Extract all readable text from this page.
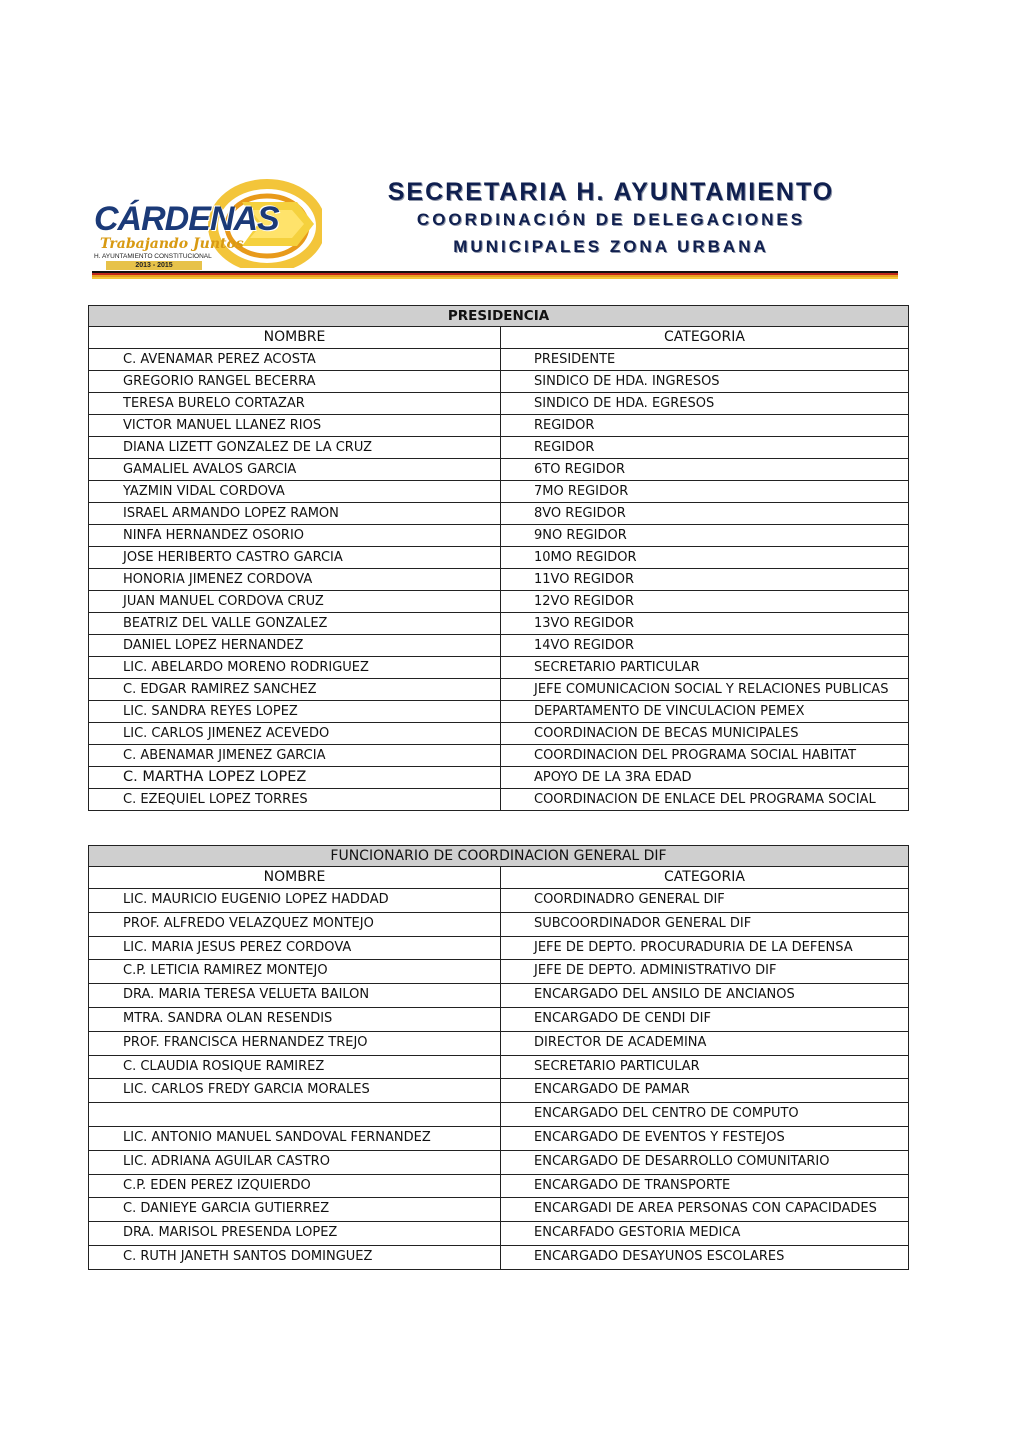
CÁRDENAS
Trabajando Juntos
H. AYUNTAMIENTO CONSTITUCIONAL
2013 - 2015
SECRETARIA H. AYUNTAMIENTO
COORDINACIÓN DE DELEGACIONES
MUNICIPALES ZONA URBANA
PRESIDENCIA	
NOMBRE	CATEGORIA
C. AVENAMAR PEREZ ACOSTA	PRESIDENTE
GREGORIO RANGEL BECERRA	SINDICO DE HDA. INGRESOS
TERESA BURELO CORTAZAR	SINDICO DE HDA. EGRESOS
VICTOR MANUEL LLANEZ RIOS	REGIDOR
DIANA LIZETT GONZALEZ DE LA CRUZ	REGIDOR
GAMALIEL AVALOS GARCIA	6TO REGIDOR
YAZMIN VIDAL CORDOVA	7MO REGIDOR
ISRAEL ARMANDO LOPEZ RAMON	8VO REGIDOR
NINFA HERNANDEZ OSORIO	9NO REGIDOR
JOSE HERIBERTO CASTRO GARCIA	10MO REGIDOR
HONORIA JIMENEZ CORDOVA	11VO REGIDOR
JUAN MANUEL CORDOVA CRUZ	12VO REGIDOR
BEATRIZ DEL VALLE GONZALEZ	13VO REGIDOR
DANIEL LOPEZ HERNANDEZ	14VO REGIDOR
LIC. ABELARDO MORENO RODRIGUEZ	SECRETARIO PARTICULAR
C. EDGAR RAMIREZ SANCHEZ	JEFE COMUNICACION SOCIAL Y RELACIONES PUBLICAS
LIC. SANDRA REYES LOPEZ	DEPARTAMENTO DE VINCULACION PEMEX
LIC. CARLOS JIMENEZ ACEVEDO	COORDINACION DE BECAS MUNICIPALES
C. ABENAMAR JIMENEZ GARCIA	COORDINACION DEL PROGRAMA SOCIAL HABITAT
C. MARTHA LOPEZ LOPEZ	APOYO DE LA 3RA EDAD
C. EZEQUIEL LOPEZ TORRES	COORDINACION DE ENLACE DEL PROGRAMA SOCIAL
FUNCIONARIO DE COORDINACION GENERAL DIF	
NOMBRE	CATEGORIA
LIC. MAURICIO EUGENIO LOPEZ HADDAD	COORDINADRO GENERAL DIF
PROF. ALFREDO VELAZQUEZ MONTEJO	SUBCOORDINADOR GENERAL DIF
LIC. MARIA JESUS PEREZ CORDOVA	JEFE DE DEPTO. PROCURADURIA DE LA DEFENSA
C.P. LETICIA RAMIREZ MONTEJO	JEFE DE DEPTO. ADMINISTRATIVO DIF
DRA. MARIA TERESA VELUETA BAILON	ENCARGADO DEL ANSILO DE ANCIANOS
MTRA. SANDRA OLAN RESENDIS	ENCARGADO DE CENDI DIF
PROF. FRANCISCA HERNANDEZ TREJO	DIRECTOR DE ACADEMINA
C. CLAUDIA ROSIQUE RAMIREZ	SECRETARIO PARTICULAR
LIC. CARLOS FREDY GARCIA MORALES	ENCARGADO DE PAMAR
	ENCARGADO DEL CENTRO DE COMPUTO
LIC. ANTONIO MANUEL SANDOVAL FERNANDEZ	ENCARGADO DE EVENTOS Y FESTEJOS
LIC. ADRIANA AGUILAR CASTRO	ENCARGADO DE DESARROLLO COMUNITARIO
C.P. EDEN PEREZ IZQUIERDO	ENCARGADO DE TRANSPORTE
C. DANIEYE GARCIA GUTIERREZ	ENCARGADI DE AREA PERSONAS CON CAPACIDADES
DRA. MARISOL PRESENDA LOPEZ	ENCARFADO GESTORIA MEDICA
C. RUTH JANETH SANTOS DOMINGUEZ	ENCARGADO DESAYUNOS ESCOLARES
